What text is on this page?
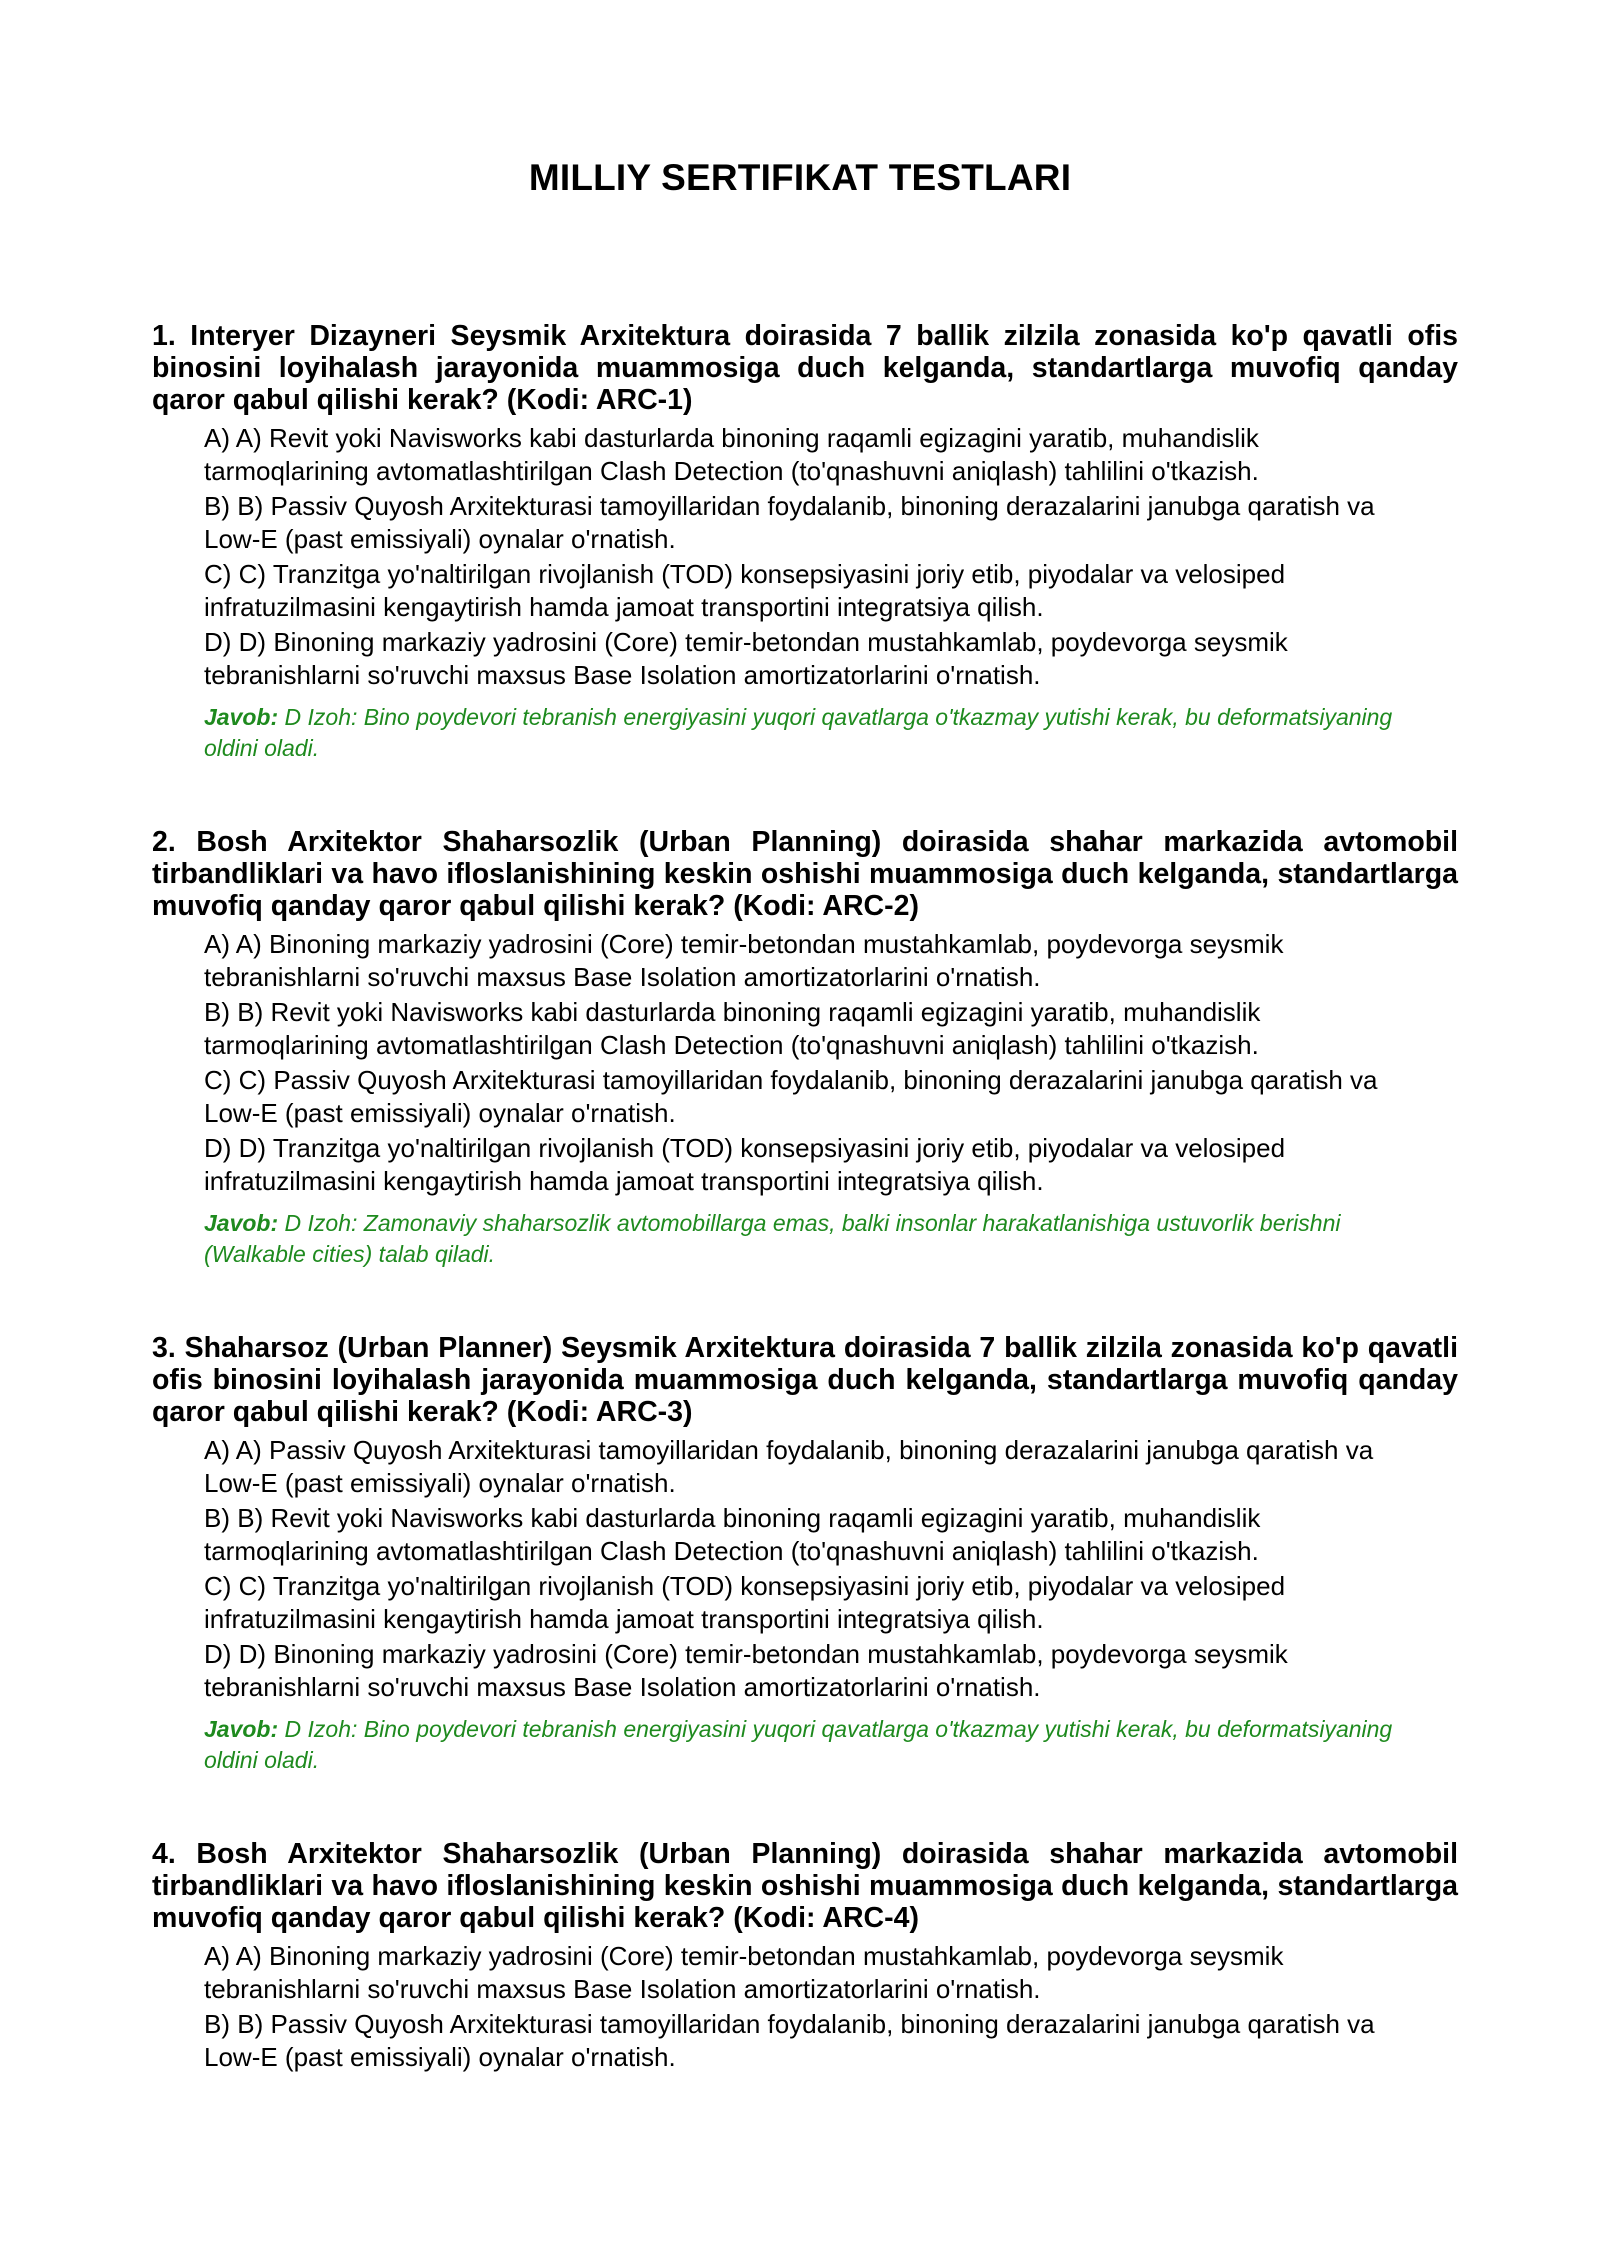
MILLIY SERTIFIKAT TESTLARI

1. Interyer Dizayneri Seysmik Arxitektura doirasida 7 ballik zilzila zonasida ko'p qavatli ofis binosini loyihalash jarayonida muammosiga duch kelganda, standartlarga muvofiq qanday qaror qabul qilishi kerak? (Kodi: ARC-1)

A) A) Revit yoki Navisworks kabi dasturlarda binoning raqamli egizagini yaratib, muhandislik tarmoqlarining avtomatlashtirilgan Clash Detection (to'qnashuvni aniqlash) tahlilini o'tkazish.
B) B) Passiv Quyosh Arxitekturasi tamoyillaridan foydalanib, binoning derazalarini janubga qaratish va Low-E (past emissiyali) oynalar o'rnatish.
C) C) Tranzitga yo'naltirilgan rivojlanish (TOD) konsepsiyasini joriy etib, piyodalar va velosiped infratuzilmasini kengaytirish hamda jamoat transportini integratsiya qilish.
D) D) Binoning markaziy yadrosini (Core) temir-betondan mustahkamlab, poydevorga seysmik tebranishlarni so'ruvchi maxsus Base Isolation amortizatorlarini o'rnatish.

Javob: D Izoh: Bino poydevori tebranish energiyasini yuqori qavatlarga o'tkazmay yutishi kerak, bu deformatsiyaning oldini oladi.

2. Bosh Arxitektor Shaharsozlik (Urban Planning) doirasida shahar markazida avtomobil tirbandliklari va havo ifloslanishining keskin oshishi muammosiga duch kelganda, standartlarga muvofiq qanday qaror qabul qilishi kerak? (Kodi: ARC-2)

A) A) Binoning markaziy yadrosini (Core) temir-betondan mustahkamlab, poydevorga seysmik tebranishlarni so'ruvchi maxsus Base Isolation amortizatorlarini o'rnatish.
B) B) Revit yoki Navisworks kabi dasturlarda binoning raqamli egizagini yaratib, muhandislik tarmoqlarining avtomatlashtirilgan Clash Detection (to'qnashuvni aniqlash) tahlilini o'tkazish.
C) C) Passiv Quyosh Arxitekturasi tamoyillaridan foydalanib, binoning derazalarini janubga qaratish va Low-E (past emissiyali) oynalar o'rnatish.
D) D) Tranzitga yo'naltirilgan rivojlanish (TOD) konsepsiyasini joriy etib, piyodalar va velosiped infratuzilmasini kengaytirish hamda jamoat transportini integratsiya qilish.

Javob: D Izoh: Zamonaviy shaharsozlik avtomobillarga emas, balki insonlar harakatlanishiga ustuvorlik berishni (Walkable cities) talab qiladi.

3. Shaharsoz (Urban Planner) Seysmik Arxitektura doirasida 7 ballik zilzila zonasida ko'p qavatli ofis binosini loyihalash jarayonida muammosiga duch kelganda, standartlarga muvofiq qanday qaror qabul qilishi kerak? (Kodi: ARC-3)

A) A) Passiv Quyosh Arxitekturasi tamoyillaridan foydalanib, binoning derazalarini janubga qaratish va Low-E (past emissiyali) oynalar o'rnatish.
B) B) Revit yoki Navisworks kabi dasturlarda binoning raqamli egizagini yaratib, muhandislik tarmoqlarining avtomatlashtirilgan Clash Detection (to'qnashuvni aniqlash) tahlilini o'tkazish.
C) C) Tranzitga yo'naltirilgan rivojlanish (TOD) konsepsiyasini joriy etib, piyodalar va velosiped infratuzilmasini kengaytirish hamda jamoat transportini integratsiya qilish.
D) D) Binoning markaziy yadrosini (Core) temir-betondan mustahkamlab, poydevorga seysmik tebranishlarni so'ruvchi maxsus Base Isolation amortizatorlarini o'rnatish.

Javob: D Izoh: Bino poydevori tebranish energiyasini yuqori qavatlarga o'tkazmay yutishi kerak, bu deformatsiyaning oldini oladi.

4. Bosh Arxitektor Shaharsozlik (Urban Planning) doirasida shahar markazida avtomobil tirbandliklari va havo ifloslanishining keskin oshishi muammosiga duch kelganda, standartlarga muvofiq qanday qaror qabul qilishi kerak? (Kodi: ARC-4)

A) A) Binoning markaziy yadrosini (Core) temir-betondan mustahkamlab, poydevorga seysmik tebranishlarni so'ruvchi maxsus Base Isolation amortizatorlarini o'rnatish.
B) B) Passiv Quyosh Arxitekturasi tamoyillaridan foydalanib, binoning derazalarini janubga qaratish va Low-E (past emissiyali) oynalar o'rnatish.
